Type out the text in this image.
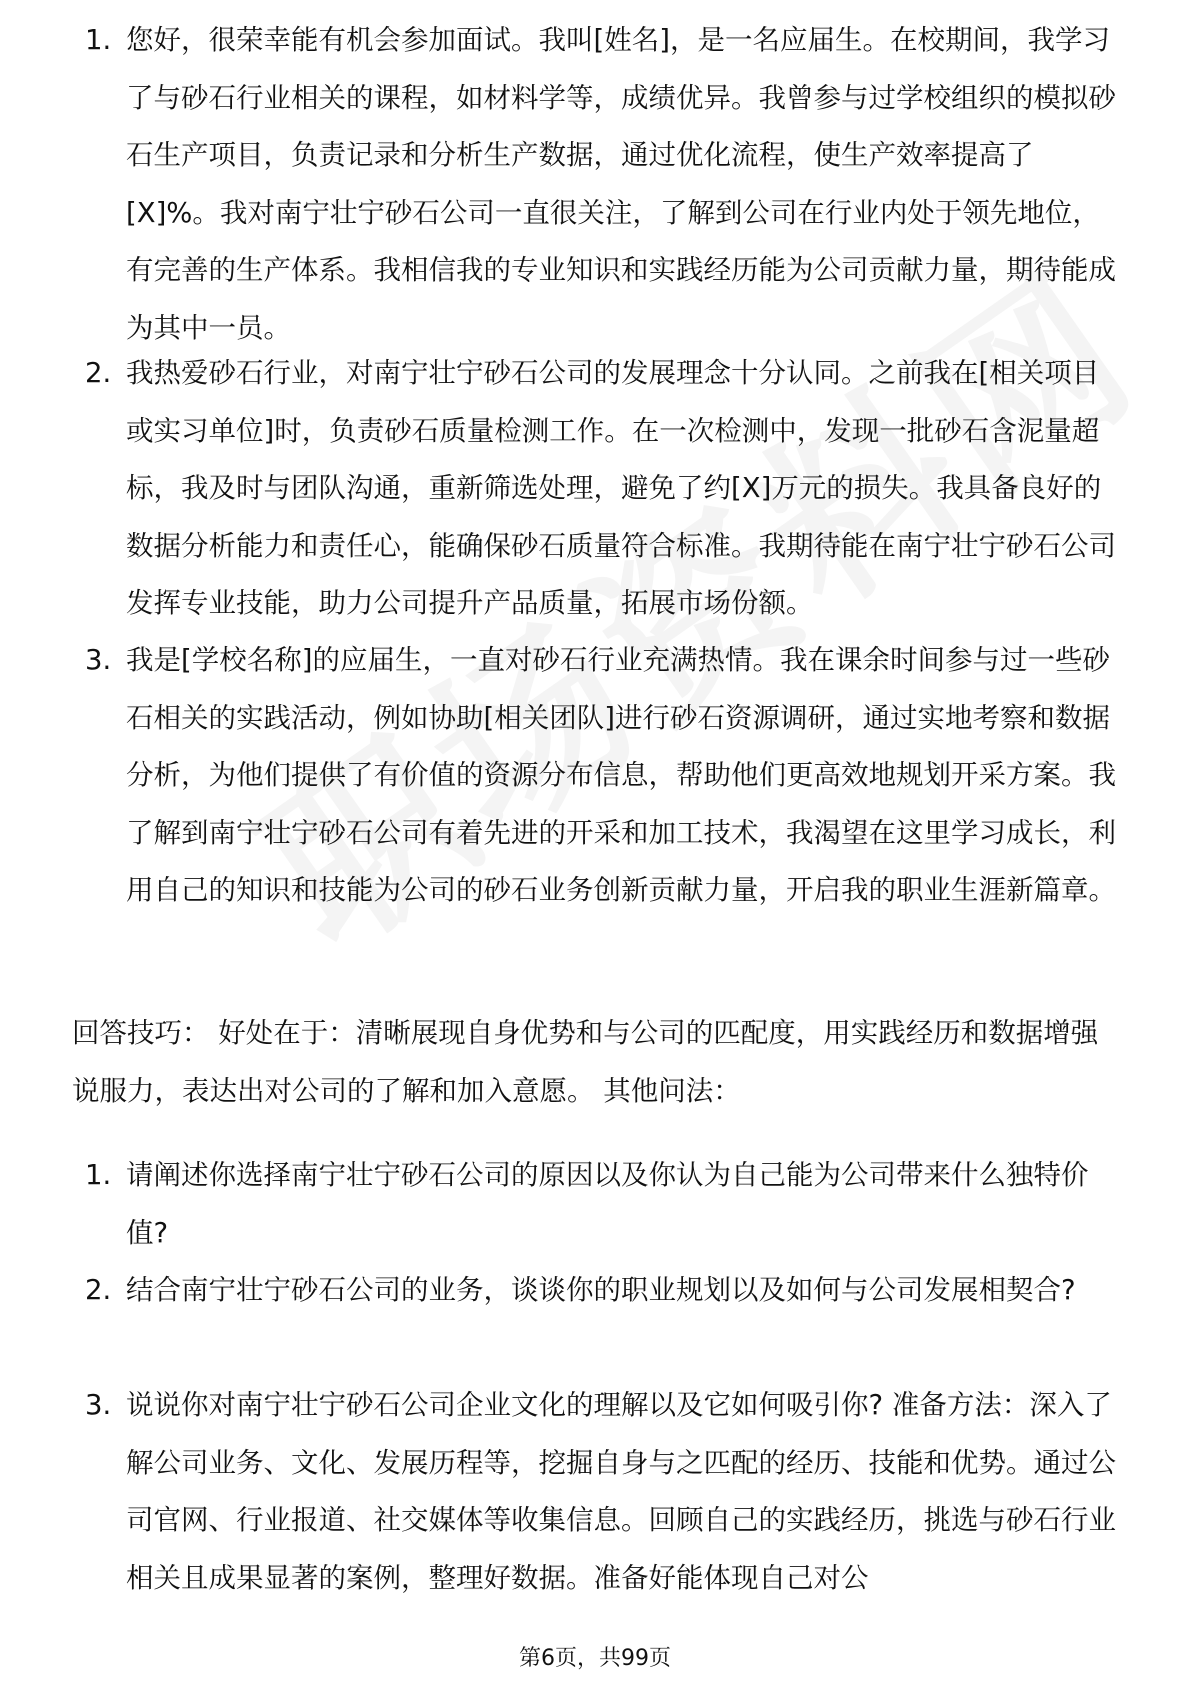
1. 您好，很荣幸能有机会参加面试。我叫[姓名]，是一名应届生。在校期间，我学习了与砂石行业相关的课程，如材料学等，成绩优异。我曾参与过学校组织的模拟砂石生产项目，负责记录和分析生产数据，通过优化流程，使生产效率提高了[X]%。我对南宁壮宁砂石公司一直很关注，了解到公司在行业内处于领先地位，有完善的生产体系。我相信我的专业知识和实践经历能为公司贡献力量，期待能成为其中一员。
2. 我热爱砂石行业，对南宁壮宁砂石公司的发展理念十分认同。之前我在[相关项目或实习单位]时，负责砂石质量检测工作。在一次检测中，发现一批砂石含泥量超标，我及时与团队沟通，重新筛选处理，避免了约[X]万元的损失。我具备良好的数据分析能力和责任心，能确保砂石质量符合标准。我期待能在南宁壮宁砂石公司发挥专业技能，助力公司提升产品质量，拓展市场份额。
3. 我是[学校名称]的应届生，一直对砂石行业充满热情。我在课余时间参与过一些砂石相关的实践活动，例如协助[相关团队]进行砂石资源调研，通过实地考察和数据分析，为他们提供了有价值的资源分布信息，帮助他们更高效地规划开采方案。我了解到南宁壮宁砂石公司有着先进的开采和加工技术，我渴望在这里学习成长，利用自己的知识和技能为公司的砂石业务创新贡献力量，开启我的职业生涯新篇章。

回答技巧： 好处在于：清晰展现自身优势和与公司的匹配度，用实践经历和数据增强说服力，表达出对公司的了解和加入意愿。 其他问法：

1. 请阐述你选择南宁壮宁砂石公司的原因以及你认为自己能为公司带来什么独特价值?
2. 结合南宁壮宁砂石公司的业务，谈谈你的职业规划以及如何与公司发展相契合?
3. 说说你对南宁壮宁砂石公司企业文化的理解以及它如何吸引你? 准备方法：深入了解公司业务、文化、发展历程等，挖掘自身与之匹配的经历、技能和优势。通过公司官网、行业报道、社交媒体等收集信息。回顾自己的实践经历，挑选与砂石行业相关且成果显著的案例，整理好数据。准备好能体现自己对公
第6页，共99页
